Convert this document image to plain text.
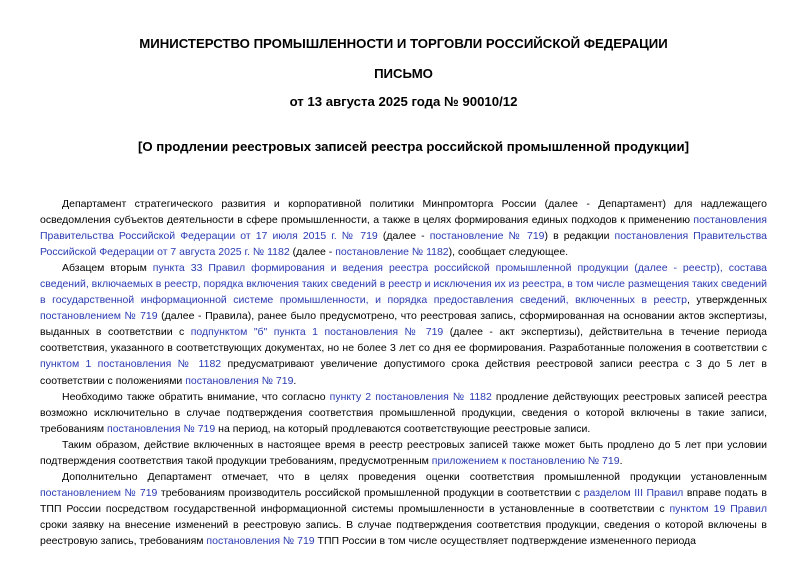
МИНИСТЕРСТВО ПРОМЫШЛЕННОСТИ И ТОРГОВЛИ РОССИЙСКОЙ ФЕДЕРАЦИИ
ПИСЬМО
от 13 августа 2025 года № 90010/12
[О продлении реестровых записей реестра российской промышленной продукции]

Департамент стратегического развития и корпоративной политики Минпромторга России (далее - Департамент) для надлежащего осведомления субъектов деятельности в сфере промышленности, а также в целях формирования единых подходов к применению постановления Правительства Российской Федерации от 17 июля 2015 г. № 719 (далее - постановление № 719) в редакции постановления Правительства Российской Федерации от 7 августа 2025 г. № 1182 (далее - постановление № 1182), сообщает следующее.

Абзацем вторым пункта 33 Правил формирования и ведения реестра российской промышленной продукции (далее - реестр), состава сведений, включаемых в реестр, порядка включения таких сведений в реестр и исключения их из реестра, в том числе размещения таких сведений в государственной информационной системе промышленности, и порядка предоставления сведений, включенных в реестр, утвержденных постановлением № 719 (далее - Правила), ранее было предусмотрено, что реестровая запись, сформированная на основании актов экспертизы, выданных в соответствии с подпунктом "б" пункта 1 постановления № 719 (далее - акт экспертизы), действительна в течение периода соответствия, указанного в соответствующих документах, но не более 3 лет со дня ее формирования. Разработанные положения в соответствии с пунктом 1 постановления № 1182 предусматривают увеличение допустимого срока действия реестровой записи реестра с 3 до 5 лет в соответствии с положениями постановления № 719.

Необходимо также обратить внимание, что согласно пункту 2 постановления № 1182 продление действующих реестровых записей реестра возможно исключительно в случае подтверждения соответствия промышленной продукции, сведения о которой включены в такие записи, требованиям постановления № 719 на период, на который продлеваются соответствующие реестровые записи.

Таким образом, действие включенных в настоящее время в реестр реестровых записей также может быть продлено до 5 лет при условии подтверждения соответствия такой продукции требованиям, предусмотренным приложением к постановлению № 719.

Дополнительно Департамент отмечает, что в целях проведения оценки соответствия промышленной продукции установленным постановлением № 719 требованиям производитель российской промышленной продукции в соответствии с разделом III Правил вправе подать в ТПП России посредством государственной информационной системы промышленности в установленные в соответствии с пунктом 19 Правил сроки заявку на внесение изменений в реестровую запись. В случае подтверждения соответствия продукции, сведения о которой включены в реестровую запись, требованиям постановления № 719 ТПП России в том числе осуществляет подтверждение измененного периода
